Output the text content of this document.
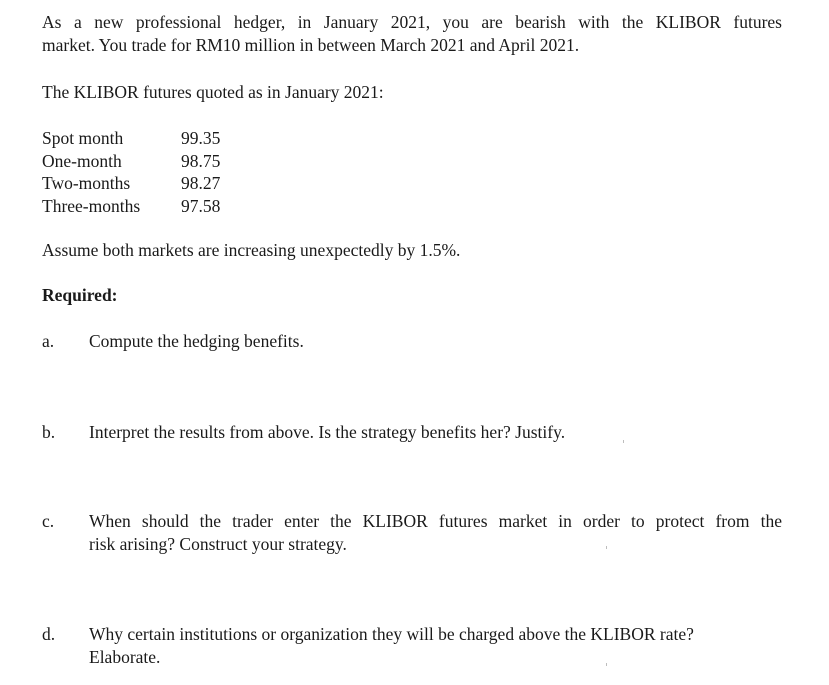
As a new professional hedger, in January 2021, you are bearish with the KLIBOR futures
market. You trade for RM10 million in between March 2021 and April 2021.
The KLIBOR futures quoted as in January 2021:
Spot month	99.35
One-month	98.75
Two-months	98.27
Three-months	97.58
Assume both markets are increasing unexpectedly by 1.5%.
Required:
a.	Compute the hedging benefits.
b.	Interpret the results from above. Is the strategy benefits her? Justify.
c.	When should the trader enter the KLIBOR futures market in order to protect from the
risk arising? Construct your strategy.
d.	Why certain institutions or organization they will be charged above the KLIBOR rate?
Elaborate.
